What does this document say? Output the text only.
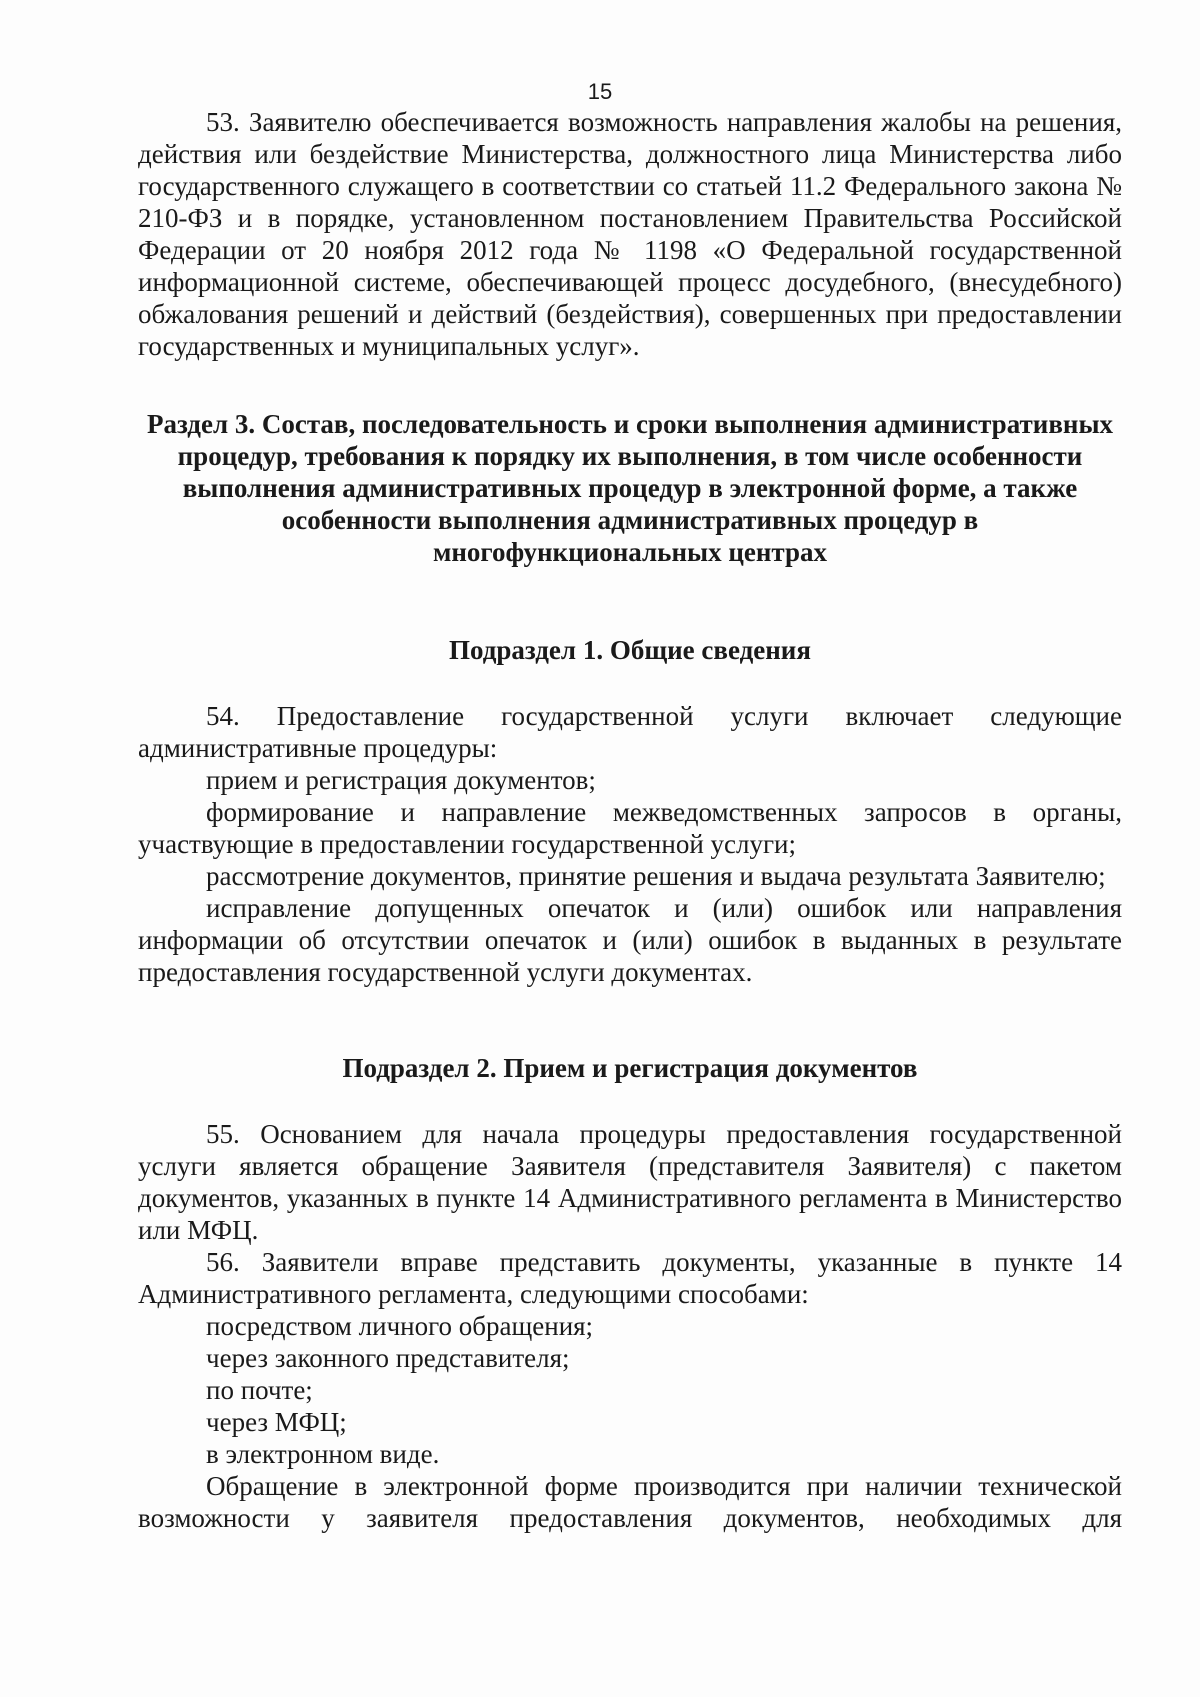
15

53. Заявителю обеспечивается возможность направления жалобы на решения, действия или бездействие Министерства, должностного лица Министерства либо государственного служащего в соответствии со статьей 11.2 Федерального закона № 210-ФЗ и в порядке, установленном постановлением Правительства Российской Федерации от 20 ноября 2012 года № 1198 «О Федеральной государственной информационной системе, обеспечивающей процесс досудебного, (внесудебного) обжалования решений и действий (бездействия), совершенных при предоставлении государственных и муниципальных услуг».

Раздел 3. Состав, последовательность и сроки выполнения административных процедур, требования к порядку их выполнения, в том числе особенности выполнения административных процедур в электронной форме, а также особенности выполнения административных процедур в многофункциональных центрах

Подраздел 1. Общие сведения

54. Предоставление государственной услуги включает следующие административные процедуры:

прием и регистрация документов;

формирование и направление межведомственных запросов в органы, участвующие в предоставлении государственной услуги;

рассмотрение документов, принятие решения и выдача результата Заявителю;

исправление допущенных опечаток и (или) ошибок или направления информации об отсутствии опечаток и (или) ошибок в выданных в результате предоставления государственной услуги документах.

Подраздел 2. Прием и регистрация документов

55. Основанием для начала процедуры предоставления государственной услуги является обращение Заявителя (представителя Заявителя) с пакетом документов, указанных в пункте 14 Административного регламента в Министерство или МФЦ.

56. Заявители вправе представить документы, указанные в пункте 14 Административного регламента, следующими способами:

посредством личного обращения;

через законного представителя;

по почте;

через МФЦ;

в электронном виде.

Обращение в электронной форме производится при наличии технической возможности у заявителя предоставления документов, необходимых для
